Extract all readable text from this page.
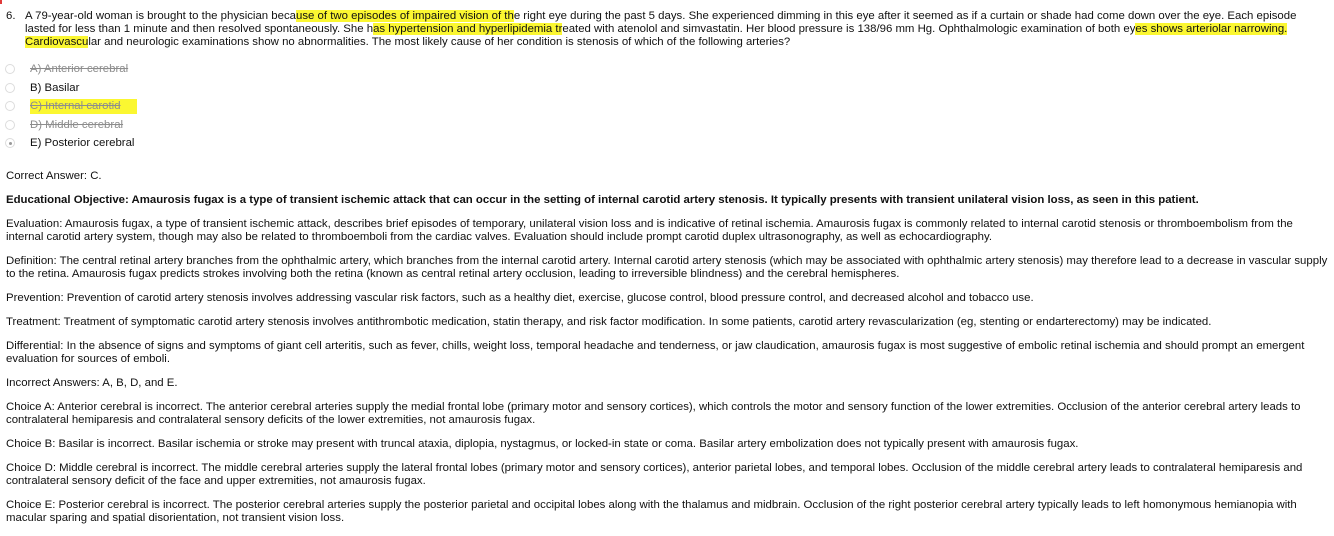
6. A 79-year-old woman is brought to the physician because of two episodes of impaired vision of the right eye during the past 5 days. She experienced dimming in this eye after it seemed as if a curtain or shade had come down over the eye. Each episode lasted for less than 1 minute and then resolved spontaneously. She has hypertension and hyperlipidemia treated with atenolol and simvastatin. Her blood pressure is 138/96 mm Hg. Ophthalmologic examination of both eyes shows arteriolar narrowing. Cardiovascular and neurologic examinations show no abnormalities. The most likely cause of her condition is stenosis of which of the following arteries?
A) Anterior cerebral
B) Basilar
C) Internal carotid
D) Middle cerebral
E) Posterior cerebral

Correct Answer: C.

Educational Objective: Amaurosis fugax is a type of transient ischemic attack that can occur in the setting of internal carotid artery stenosis. It typically presents with transient unilateral vision loss, as seen in this patient.

Evaluation: Amaurosis fugax, a type of transient ischemic attack, describes brief episodes of temporary, unilateral vision loss and is indicative of retinal ischemia. Amaurosis fugax is commonly related to internal carotid stenosis or thromboembolism from the internal carotid artery system, though may also be related to thromboemboli from the cardiac valves. Evaluation should include prompt carotid duplex ultrasonography, as well as echocardiography.

Definition: The central retinal artery branches from the ophthalmic artery, which branches from the internal carotid artery. Internal carotid artery stenosis (which may be associated with ophthalmic artery stenosis) may therefore lead to a decrease in vascular supply to the retina. Amaurosis fugax predicts strokes involving both the retina (known as central retinal artery occlusion, leading to irreversible blindness) and the cerebral hemispheres.

Prevention: Prevention of carotid artery stenosis involves addressing vascular risk factors, such as a healthy diet, exercise, glucose control, blood pressure control, and decreased alcohol and tobacco use.

Treatment: Treatment of symptomatic carotid artery stenosis involves antithrombotic medication, statin therapy, and risk factor modification. In some patients, carotid artery revascularization (eg, stenting or endarterectomy) may be indicated.

Differential: In the absence of signs and symptoms of giant cell arteritis, such as fever, chills, weight loss, temporal headache and tenderness, or jaw claudication, amaurosis fugax is most suggestive of embolic retinal ischemia and should prompt an emergent evaluation for sources of emboli.

Incorrect Answers: A, B, D, and E.

Choice A: Anterior cerebral is incorrect. The anterior cerebral arteries supply the medial frontal lobe (primary motor and sensory cortices), which controls the motor and sensory function of the lower extremities. Occlusion of the anterior cerebral artery leads to contralateral hemiparesis and contralateral sensory deficits of the lower extremities, not amaurosis fugax.

Choice B: Basilar is incorrect. Basilar ischemia or stroke may present with truncal ataxia, diplopia, nystagmus, or locked-in state or coma. Basilar artery embolization does not typically present with amaurosis fugax.

Choice D: Middle cerebral is incorrect. The middle cerebral arteries supply the lateral frontal lobes (primary motor and sensory cortices), anterior parietal lobes, and temporal lobes. Occlusion of the middle cerebral artery leads to contralateral hemiparesis and contralateral sensory deficit of the face and upper extremities, not amaurosis fugax.

Choice E: Posterior cerebral is incorrect. The posterior cerebral arteries supply the posterior parietal and occipital lobes along with the thalamus and midbrain. Occlusion of the right posterior cerebral artery typically leads to left homonymous hemianopia with macular sparing and spatial disorientation, not transient vision loss.
